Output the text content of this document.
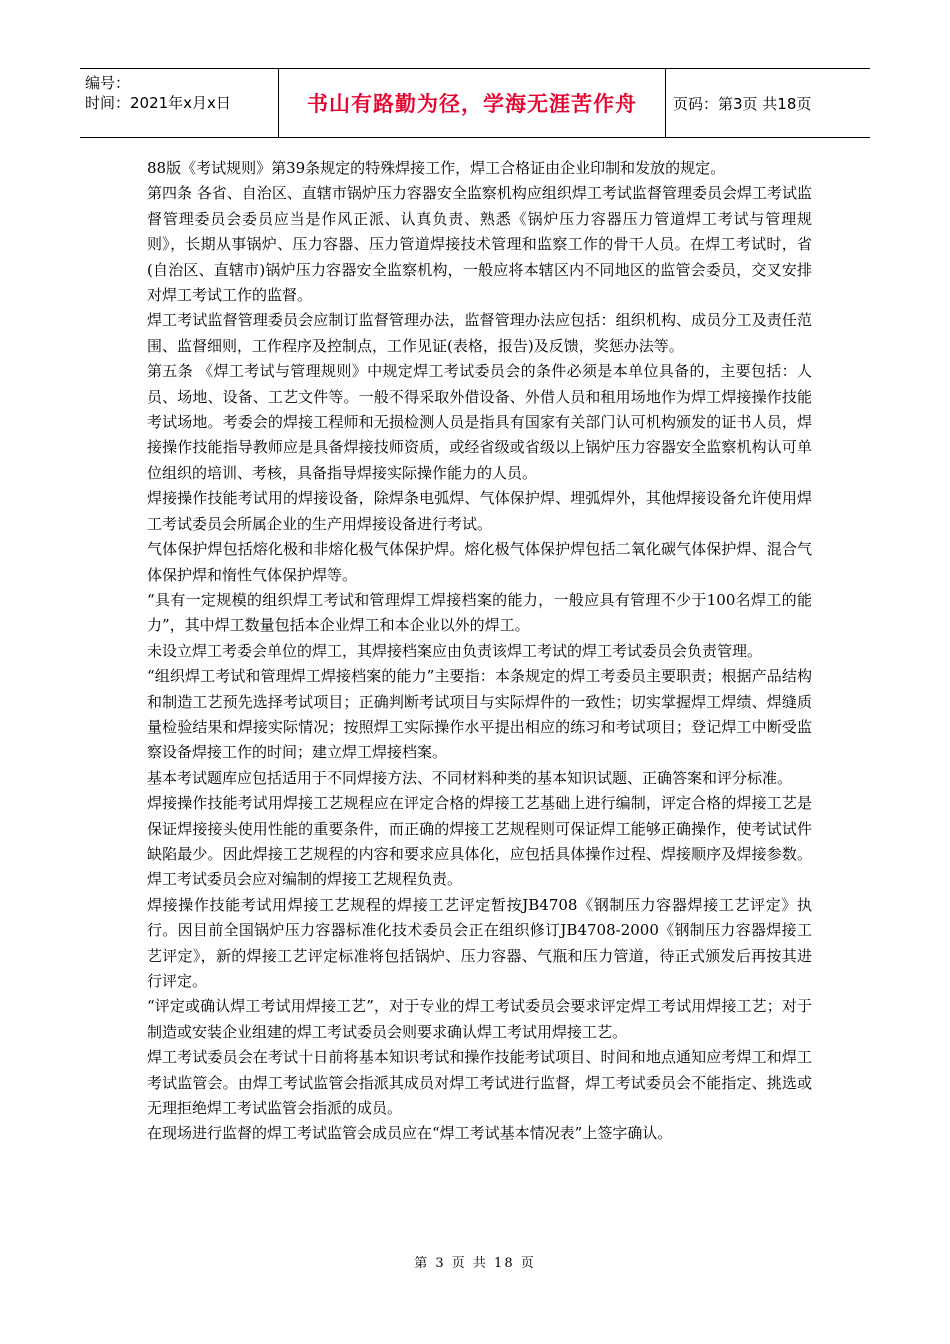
编号：
时间：2021年x月x日	书山有路勤为径，学海无涯苦作舟	页码：第3页 共18页

88版《考试规则》第39条规定的特殊焊接工作，焊工合格证由企业印制和发放的规定。

第四条 各省、自治区、直辖市锅炉压力容器安全监察机构应组织焊工考试监督管理委员会焊工考试监督管理委员会委员应当是作风正派、认真负责、熟悉《锅炉压力容器压力管道焊工考试与管理规则》，长期从事锅炉、压力容器、压力管道焊接技术管理和监察工作的骨干人员。在焊工考试时，省(自治区、直辖市)锅炉压力容器安全监察机构，一般应将本辖区内不同地区的监管会委员，交叉安排对焊工考试工作的监督。

焊工考试监督管理委员会应制订监督管理办法，监督管理办法应包括：组织机构、成员分工及责任范围、监督细则，工作程序及控制点，工作见证(表格，报告)及反馈，奖惩办法等。

第五条 《焊工考试与管理规则》中规定焊工考试委员会的条件必须是本单位具备的，主要包括：人员、场地、设备、工艺文件等。一般不得采取外借设备、外借人员和租用场地作为焊工焊接操作技能考试场地。考委会的焊接工程师和无损检测人员是指具有国家有关部门认可机构颁发的证书人员，焊接操作技能指导教师应是具备焊接技师资质，或经省级或省级以上锅炉压力容器安全监察机构认可单位组织的培训、考核，具备指导焊接实际操作能力的人员。

焊接操作技能考试用的焊接设备，除焊条电弧焊、气体保护焊、埋弧焊外，其他焊接设备允许使用焊工考试委员会所属企业的生产用焊接设备进行考试。

气体保护焊包括熔化极和非熔化极气体保护焊。熔化极气体保护焊包括二氧化碳气体保护焊、混合气体保护焊和惰性气体保护焊等。

“具有一定规模的组织焊工考试和管理焊工焊接档案的能力，一般应具有管理不少于100名焊工的能力”，其中焊工数量包括本企业焊工和本企业以外的焊工。

未设立焊工考委会单位的焊工，其焊接档案应由负责该焊工考试的焊工考试委员会负责管理。

“组织焊工考试和管理焊工焊接档案的能力”主要指：本条规定的焊工考委员主要职责；根据产品结构和制造工艺预先选择考试项目；正确判断考试项目与实际焊件的一致性；切实掌握焊工焊绩、焊缝质量检验结果和焊接实际情况；按照焊工实际操作水平提出相应的练习和考试项目；登记焊工中断受监察设备焊接工作的时间；建立焊工焊接档案。

基本考试题库应包括适用于不同焊接方法、不同材料种类的基本知识试题、正确答案和评分标准。

焊接操作技能考试用焊接工艺规程应在评定合格的焊接工艺基础上进行编制，评定合格的焊接工艺是保证焊接接头使用性能的重要条件，而正确的焊接工艺规程则可保证焊工能够正确操作，使考试试件缺陷最少。因此焊接工艺规程的内容和要求应具体化，应包括具体操作过程、焊接顺序及焊接参数。焊工考试委员会应对编制的焊接工艺规程负责。

焊接操作技能考试用焊接工艺规程的焊接工艺评定暂按JB4708《钢制压力容器焊接工艺评定》执行。因目前全国锅炉压力容器标准化技术委员会正在组织修订JB4708-2000《钢制压力容器焊接工艺评定》，新的焊接工艺评定标准将包括锅炉、压力容器、气瓶和压力管道，待正式颁发后再按其进行评定。

“评定或确认焊工考试用焊接工艺”，对于专业的焊工考试委员会要求评定焊工考试用焊接工艺；对于制造或安装企业组建的焊工考试委员会则要求确认焊工考试用焊接工艺。

焊工考试委员会在考试十日前将基本知识考试和操作技能考试项目、时间和地点通知应考焊工和焊工考试监管会。由焊工考试监管会指派其成员对焊工考试进行监督，焊工考试委员会不能指定、挑选或无理拒绝焊工考试监管会指派的成员。

在现场进行监督的焊工考试监管会成员应在“焊工考试基本情况表”上签字确认。

第 3 页 共 18 页
